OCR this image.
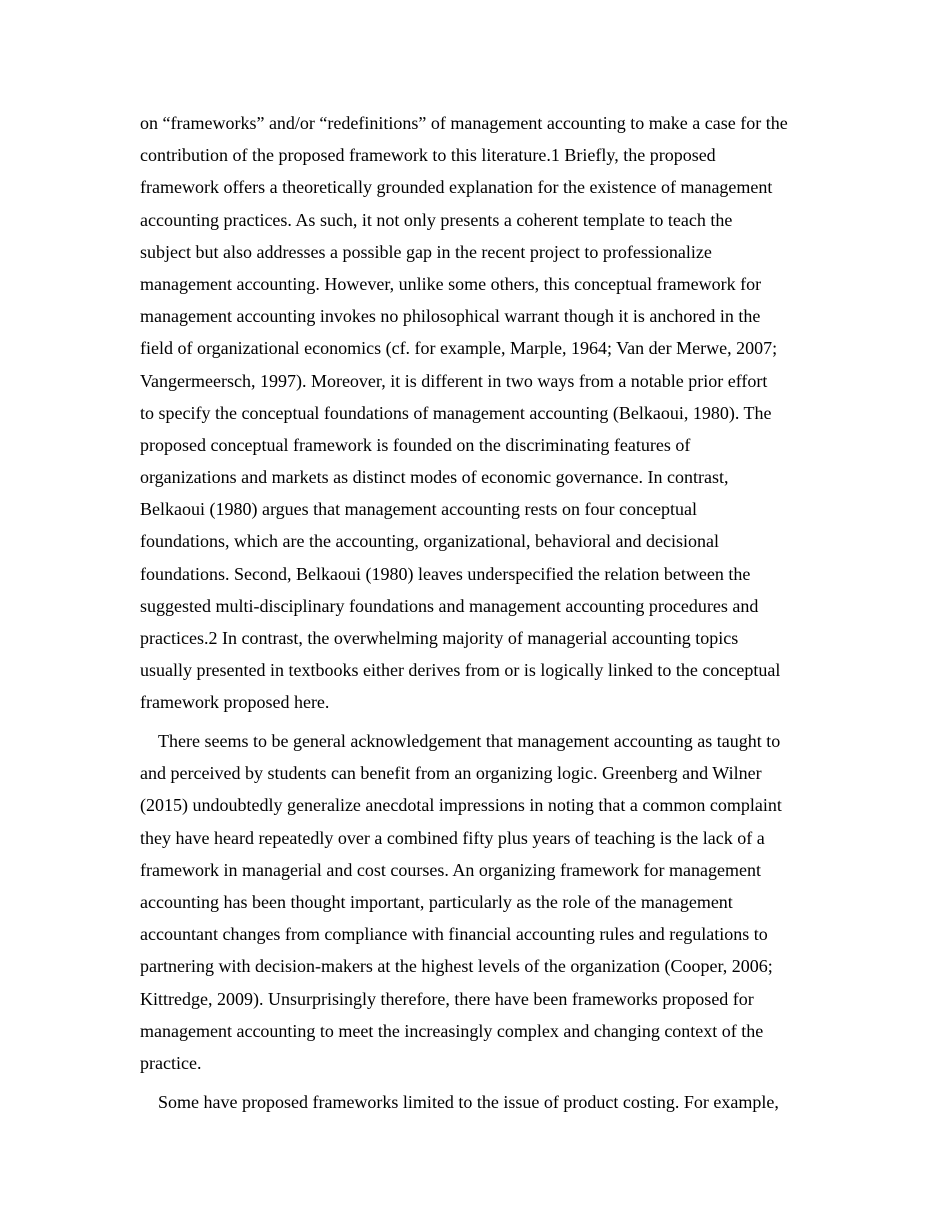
on “frameworks” and/or “redefinitions” of management accounting to make a case for the
contribution of the proposed framework to this literature.1 Briefly, the proposed
framework offers a theoretically grounded explanation for the existence of management
accounting practices. As such, it not only presents a coherent template to teach the
subject but also addresses a possible gap in the recent project to professionalize
management accounting. However, unlike some others, this conceptual framework for
management accounting invokes no philosophical warrant though it is anchored in the
field of organizational economics (cf. for example, Marple, 1964; Van der Merwe, 2007;
Vangermeersch, 1997). Moreover, it is different in two ways from a notable prior effort
to specify the conceptual foundations of management accounting (Belkaoui, 1980). The
proposed conceptual framework is founded on the discriminating features of
organizations and markets as distinct modes of economic governance. In contrast,
Belkaoui (1980) argues that management accounting rests on four conceptual
foundations, which are the accounting, organizational, behavioral and decisional
foundations. Second, Belkaoui (1980) leaves underspecified the relation between the
suggested multi-disciplinary foundations and management accounting procedures and
practices.2 In contrast, the overwhelming majority of managerial accounting topics
usually presented in textbooks either derives from or is logically linked to the conceptual
framework proposed here.

There seems to be general acknowledgement that management accounting as taught to
and perceived by students can benefit from an organizing logic. Greenberg and Wilner
(2015) undoubtedly generalize anecdotal impressions in noting that a common complaint
they have heard repeatedly over a combined fifty plus years of teaching is the lack of a
framework in managerial and cost courses. An organizing framework for management
accounting has been thought important, particularly as the role of the management
accountant changes from compliance with financial accounting rules and regulations to
partnering with decision-makers at the highest levels of the organization (Cooper, 2006;
Kittredge, 2009). Unsurprisingly therefore, there have been frameworks proposed for
management accounting to meet the increasingly complex and changing context of the
practice.

Some have proposed frameworks limited to the issue of product costing. For example,
